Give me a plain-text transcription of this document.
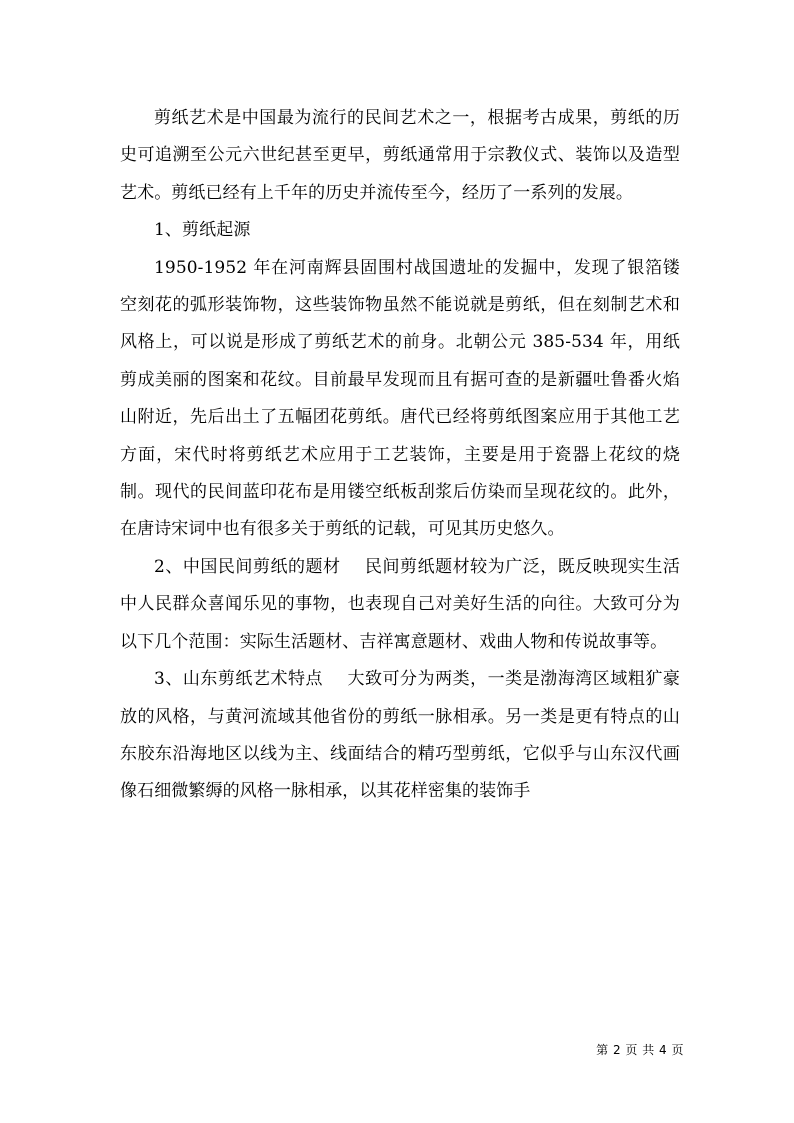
剪纸艺术是中国最为流行的民间艺术之一，根据考古成果，剪纸的历史可追溯至公元六世纪甚至更早，剪纸通常用于宗教仪式、装饰以及造型艺术。剪纸已经有上千年的历史并流传至今，经历了一系列的发展。

1、剪纸起源

1950-1952 年在河南辉县固围村战国遗址的发掘中，发现了银箔镂空刻花的弧形装饰物，这些装饰物虽然不能说就是剪纸，但在刻制艺术和风格上，可以说是形成了剪纸艺术的前身。北朝公元 385-534 年，用纸剪成美丽的图案和花纹。目前最早发现而且有据可查的是新疆吐鲁番火焰山附近，先后出土了五幅团花剪纸。唐代已经将剪纸图案应用于其他工艺方面，宋代时将剪纸艺术应用于工艺装饰，主要是用于瓷器上花纹的烧制。现代的民间蓝印花布是用镂空纸板刮浆后仿染而呈现花纹的。此外，在唐诗宋词中也有很多关于剪纸的记载，可见其历史悠久。

2、中国民间剪纸的题材 民间剪纸题材较为广泛，既反映现实生活中人民群众喜闻乐见的事物，也表现自己对美好生活的向往。大致可分为以下几个范围：实际生活题材、吉祥寓意题材、戏曲人物和传说故事等。

3、山东剪纸艺术特点 大致可分为两类，一类是渤海湾区域粗犷豪放的风格，与黄河流域其他省份的剪纸一脉相承。另一类是更有特点的山东胶东沿海地区以线为主、线面结合的精巧型剪纸，它似乎与山东汉代画像石细微繁缛的风格一脉相承，以其花样密集的装饰手

第 2 页 共 4 页
